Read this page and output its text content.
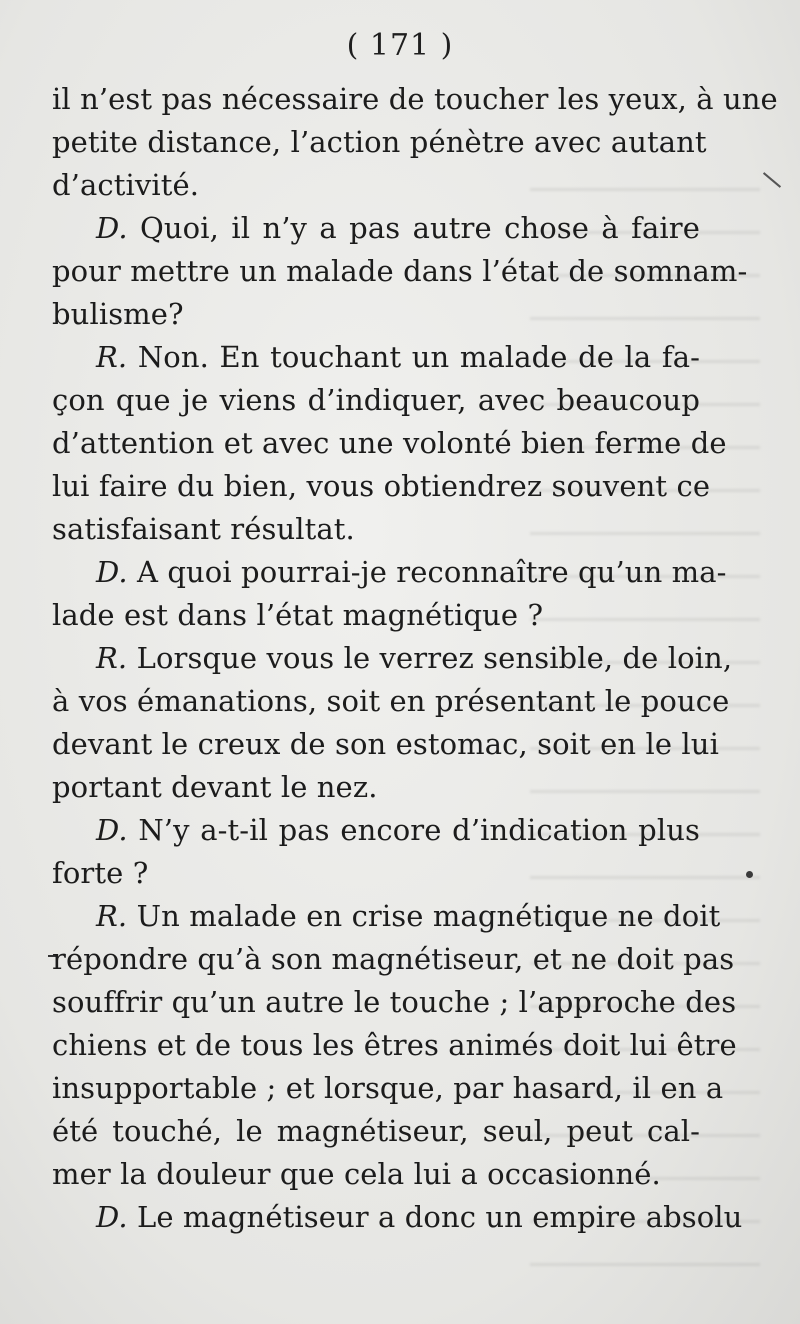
( 171 )
il n’est pas nécessaire de toucher les yeux, à une
petite distance, l’action pénètre avec autant
d’activité.
D. Quoi, il n’y a pas autre chose à faire
pour mettre un malade dans l’état de somnam-
bulisme?
R. Non. En touchant un malade de la fa-
çon que je viens d’indiquer, avec beaucoup
d’attention et avec une volonté bien ferme de
lui faire du bien, vous obtiendrez souvent ce
satisfaisant résultat.
D. A quoi pourrai-je reconnaître qu’un ma-
lade est dans l’état magnétique ?
R. Lorsque vous le verrez sensible, de loin,
à vos émanations, soit en présentant le pouce
devant le creux de son estomac, soit en le lui
portant devant le nez.
D. N’y a-t-il pas encore d’indication plus
forte ?
R. Un malade en crise magnétique ne doit
répondre qu’à son magnétiseur, et ne doit pas
souffrir qu’un autre le touche ; l’approche des
chiens et de tous les êtres animés doit lui être
insupportable ; et lorsque, par hasard, il en a
été touché, le magnétiseur, seul, peut cal-
mer la douleur que cela lui a occasionné.
D. Le magnétiseur a donc un empire absolu
